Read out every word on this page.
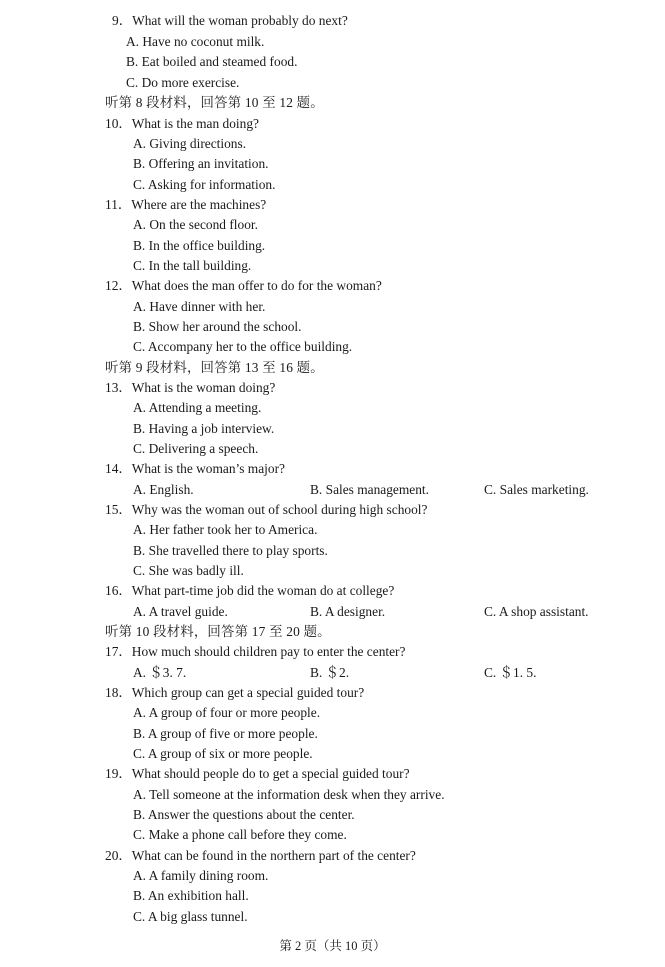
9．What will the woman probably do next?
A. Have no coconut milk.
B. Eat boiled and steamed food.
C. Do more exercise.
听第 8 段材料，回答第 10 至 12 题。
10．What is the man doing?
A. Giving directions.
B. Offering an invitation.
C. Asking for information.
11．Where are the machines?
A. On the second floor.
B. In the office building.
C. In the tall building.
12．What does the man offer to do for the woman?
A. Have dinner with her.
B. Show her around the school.
C. Accompany her to the office building.
听第 9 段材料，回答第 13 至 16 题。
13．What is the woman doing?
A. Attending a meeting.
B. Having a job interview.
C. Delivering a speech.
14．What is the woman’s major?
A. English.	B. Sales management.	C. Sales marketing.
15．Why was the woman out of school during high school?
A. Her father took her to America.
B. She travelled there to play sports.
C. She was badly ill.
16．What part-time job did the woman do at college?
A. A travel guide.	B. A designer.	C. A shop assistant.
听第 10 段材料，回答第 17 至 20 题。
17．How much should children pay to enter the center?
A. ＄3. 7.	B. ＄2.	C. ＄1. 5.
18．Which group can get a special guided tour?
A. A group of four or more people.
B. A group of five or more people.
C. A group of six or more people.
19．What should people do to get a special guided tour?
A. Tell someone at the information desk when they arrive.
B. Answer the questions about the center.
C. Make a phone call before they come.
20．What can be found in the northern part of the center?
A. A family dining room.
B. An exhibition hall.
C. A big glass tunnel.
第 2 页（共 10 页）
